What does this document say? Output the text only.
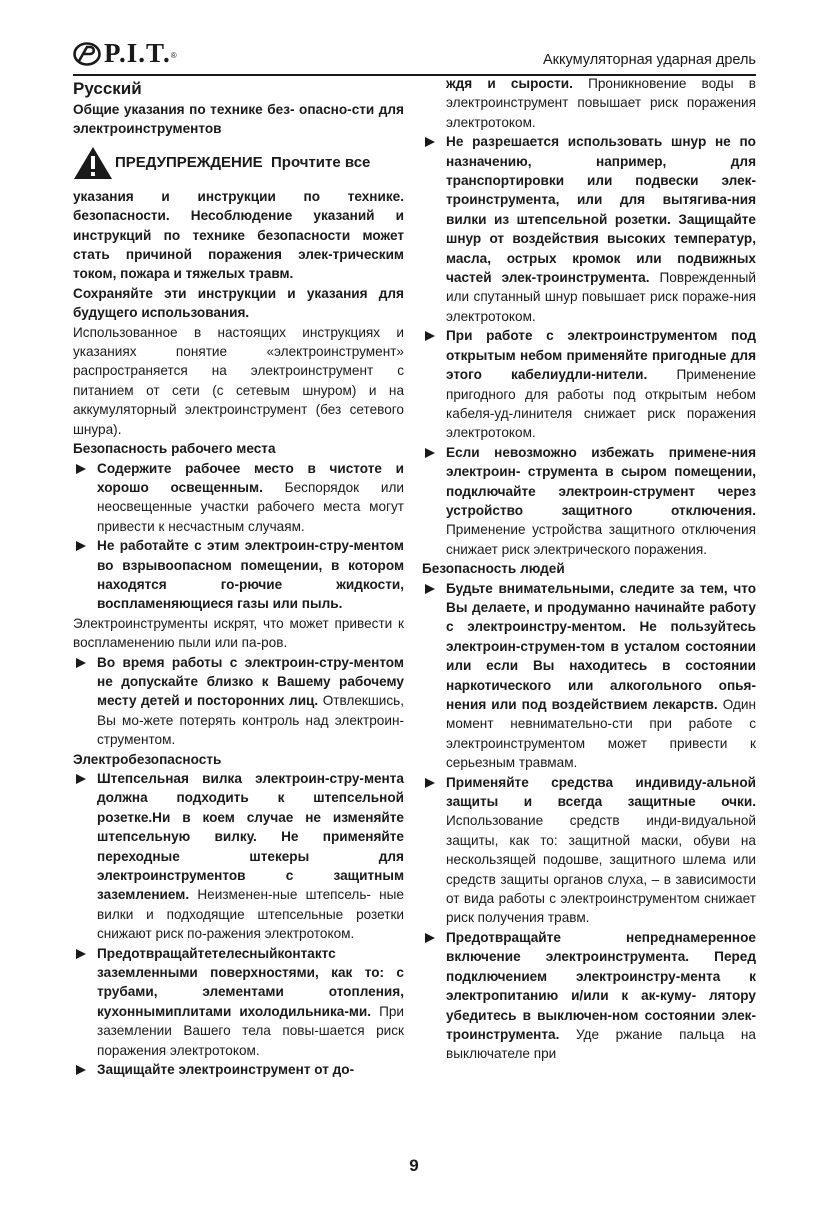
P.I.T. ®	Аккумуляторная ударная дрель
Русский
Общие указания по технике без- опасно-сти для электроинструментов
ПРЕДУПРЕЖДЕНИЕ Прочтите все
указания и инструкции по технике. безопасности. Несоблюдение указаний и инструкций по технике безопасности может стать причиной поражения элек-трическим током, пожара и тяжелых травм.
Сохраняйте эти инструкции и указания для будущего использования.
Использованное в настоящих инструкциях и указаниях понятие «электроинструмент» распространяется на электроинструмент с питанием от сети (с сетевым шнуром) и на аккумуляторный электроинструмент (без сетевого шнура).
Безопасность рабочего места
Содержите рабочее место в чистоте и хорошо освещенным. Беспорядок или неосвещенные участки рабочего места могут привести к несчастным случаям.
Не работайте с этим электроин-стру-ментом во взрывоопасном помещении, в котором находятся го-рючие жидкости, воспламеняющиеся газы или пыль.
Электроинструменты искрят, что может привести к воспламенению пыли или па-ров.
Во время работы с электроин-стру-ментом не допускайте близко к Вашему рабочему месту детей и посторонних лиц. Отвлекшись, Вы мо-жете потерять контроль над электроин-струментом.
Электробезопасность
Штепсельная вилка электроин-стру-мента должна подходить к штепсельной розетке.Ни в коем случае не изменяйте штепсельную вилку. Не применяйте переходные штекеры для электроинструментов с защитным заземлением. Неизменен-ные штепсель- ные вилки и подходящие штепсельные розетки снижают риск по-ражения электротоком.
Предотвращайтетелесныйконтактс заземленными поверхностями, как то: с трубами, элементами отопления, кухоннымиплитами ихолодильника-ми. При заземлении Вашего тела повы-шается риск поражения электротоком.
Защищайте электроинструмент от до-
ждя и сырости. Проникновение воды в электроинструмент повышает риск поражения электротоком.
Не разрешается использовать шнур не по назначению, например, для транспортировки или подвески элек-троинструмента, или для вытягива-ния вилки из штепсельной розетки. Защищайте шнур от воздействия высоких температур, масла, острых кромок или подвижных частей элек-троинструмента. Поврежденный или спутанный шнур повышает риск пораже-ния электротоком.
При работе с электроинструментом под открытым небом применяйте пригодные для этого кабелиудли-нители. Применение пригодного для работы под открытым небом кабеля-уд-линителя снижает риск поражения электротоком.
Если невозможно избежать примене-ния электроин- струмента в сыром помещении, подключайте электроин-струмент через устройство защитного отключения. Применение устройства защитного отключения снижает риск электрического поражения.
Безопасность людей
Будьте внимательными, следите за тем, что Вы делаете, и продуманно начинайте работу с электроинстру-ментом. Не пользуйтесь электроин-струмен-том в усталом состоянии или если Вы находитесь в состоянии наркотического или алкогольного опья-нения или под воздействием лекарств. Один момент невнимательно-сти при работе с электроинструментом может привести к серьезным травмам.
Применяйте средства индивиду-альной защиты и всегда защитные очки. Использование средств инди-видуальной защиты, как то: защитной маски, обуви на нескользящей подошве, защитного шлема или средств защиты органов слуха, – в зависимости от вида работы с электроинструментом снижает риск получения травм.
Предотвращайте непреднамеренное включение электроинструмента. Перед подключением электроинстру-мента к электропитанию и/или к ак-куму- лятору убедитесь в выключен-ном состоянии элек-троинструмента. Уде ржание пальца на выключателе при
9
